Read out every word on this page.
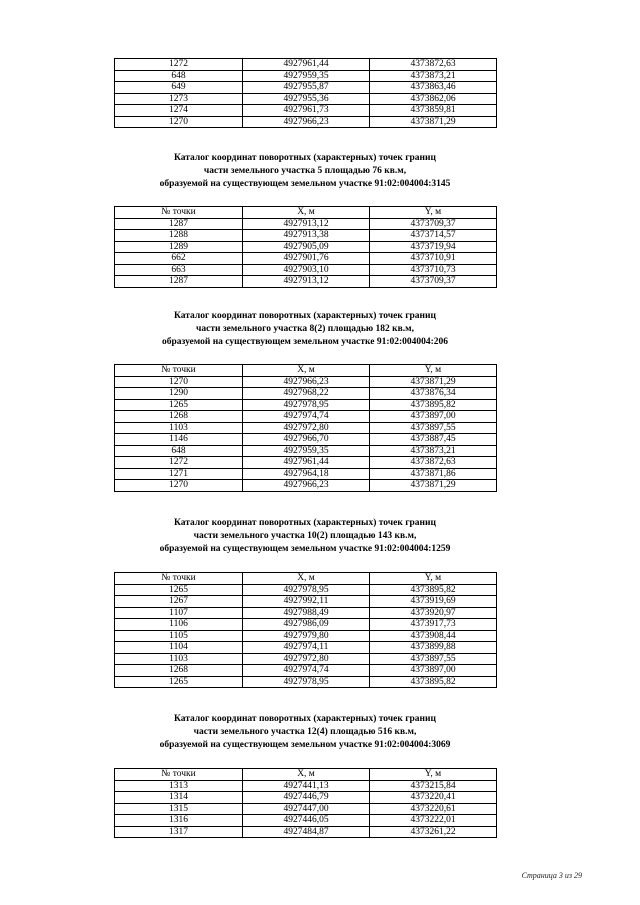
1272	4927961,44	4373872,63
648	4927959,35	4373873,21
649	4927955,87	4373863,46
1273	4927955,36	4373862,06
1274	4927961,73	4373859,81
1270	4927966,23	4373871,29
Каталог координат поворотных (характерных) точек границ
части земельного участка 5 площадью 76 кв.м,
образуемой на существующем земельном участке 91:02:004004:3145
№ точки	X, м	Y, м
1287	4927913,12	4373709,37
1288	4927913,38	4373714,57
1289	4927905,09	4373719,94
662	4927901,76	4373710,91
663	4927903,10	4373710,73
1287	4927913,12	4373709,37
Каталог координат поворотных (характерных) точек границ
части земельного участка 8(2) площадью 182 кв.м,
образуемой на существующем земельном участке 91:02:004004:206
№ точки	X, м	Y, м
1270	4927966,23	4373871,29
1290	4927968,22	4373876,34
1265	4927978,95	4373895,82
1268	4927974,74	4373897,00
1103	4927972,80	4373897,55
1146	4927966,70	4373887,45
648	4927959,35	4373873,21
1272	4927961,44	4373872,63
1271	4927964,18	4373871,86
1270	4927966,23	4373871,29
Каталог координат поворотных (характерных) точек границ
части земельного участка 10(2) площадью 143 кв.м,
образуемой на существующем земельном участке 91:02:004004:1259
№ точки	X, м	Y, м
1265	4927978,95	4373895,82
1267	4927992,11	4373919,69
1107	4927988,49	4373920,97
1106	4927986,09	4373917,73
1105	4927979,80	4373908,44
1104	4927974,11	4373899,88
1103	4927972,80	4373897,55
1268	4927974,74	4373897,00
1265	4927978,95	4373895,82
Каталог координат поворотных (характерных) точек границ
части земельного участка 12(4) площадью 516 кв.м,
образуемой на существующем земельном участке 91:02:004004:3069
№ точки	X, м	Y, м
1313	4927441,13	4373215,84
1314	4927446,79	4373220,41
1315	4927447,00	4373220,61
1316	4927446,05	4373222,01
1317	4927484,87	4373261,22
Страница 3 из 29
